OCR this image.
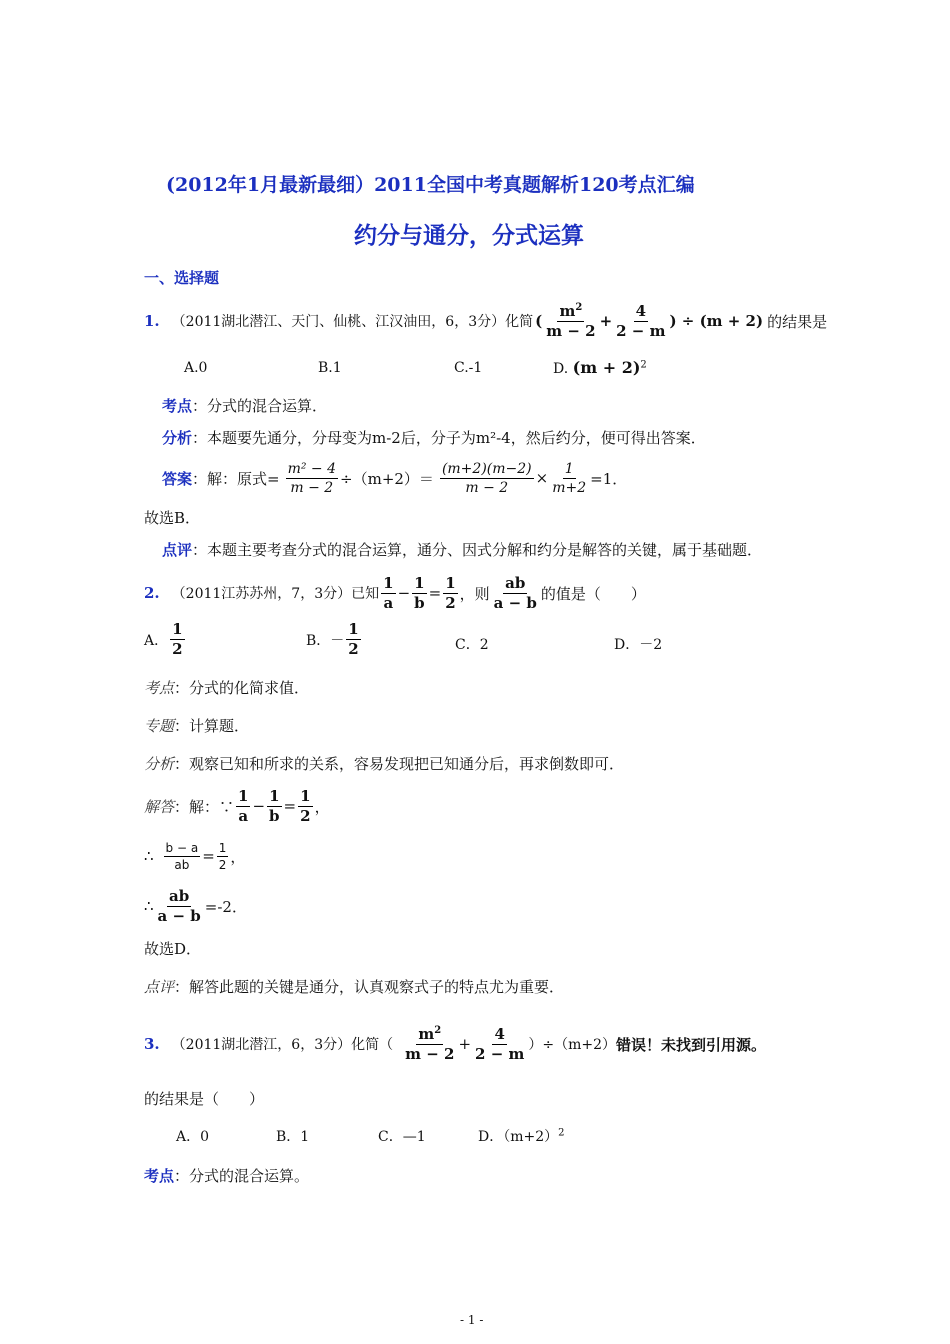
(2012年1月最新最细）2011全国中考真题解析120考点汇编
约分与通分，分式运算
一、选择题
1. （2011湖北潜江、天门、仙桃、江汉油田，6，3分）化简 ( $\frac{m^2}{m - 2} + \frac{4}{2 - m}$ ) ÷ (m + 2) 的结果是
A.0	B.1	C.-1	D. $(m + 2)^2$
考点：分式的混合运算．
分析：本题要先通分，分母变为m-2后，分子为m²-4，然后约分，便可得出答案．
答案 ：解：原式= $\frac{\text{m² − 4}}{m - 2} \div(m+2)= \frac{(m+2)(m-2)}{m - 2} \times \frac{1}{m+2} =1$．
故选B．
点评：本题主要考查分式的混合运算，通分、因式分解和约分是解答的关键，属于基础题．
2. （2011江苏苏州，7，3分）已知 $\frac{1}{a} - \frac{1}{b} = \frac{1}{2}$ ，则 $\frac{ab}{a - b}$ 的值是（　　）
A． $\frac{1}{2}$	B．－ $\frac{1}{2}$	C．2	D．－2
考点：分式的化简求值．
专题：计算题．
分析：观察已知和所求的关系，容易发现把已知通分后，再求倒数即可．
解答 ：解：∵ $\frac{1}{a} - \frac{1}{b} = \frac{1}{2}$ ，
∴ $\frac{b - a}{ab} = \frac{1}{2}$ ，
∴ $\frac{ab}{a - b} =-2$．
故选D．
点评：解答此题的关键是通分，认真观察式子的特点尤为重要．
3. （2011湖北潜江，6，3分）化简（ $\frac{m^2}{m - 2} + \frac{4}{2 - m} )\div(m+2)$ 错误！未找到引用源。
的结果是（　　）
A．0	B．1	C．—1	D．$(m+2)^2$
考点：分式的混合运算。
- 1 -
